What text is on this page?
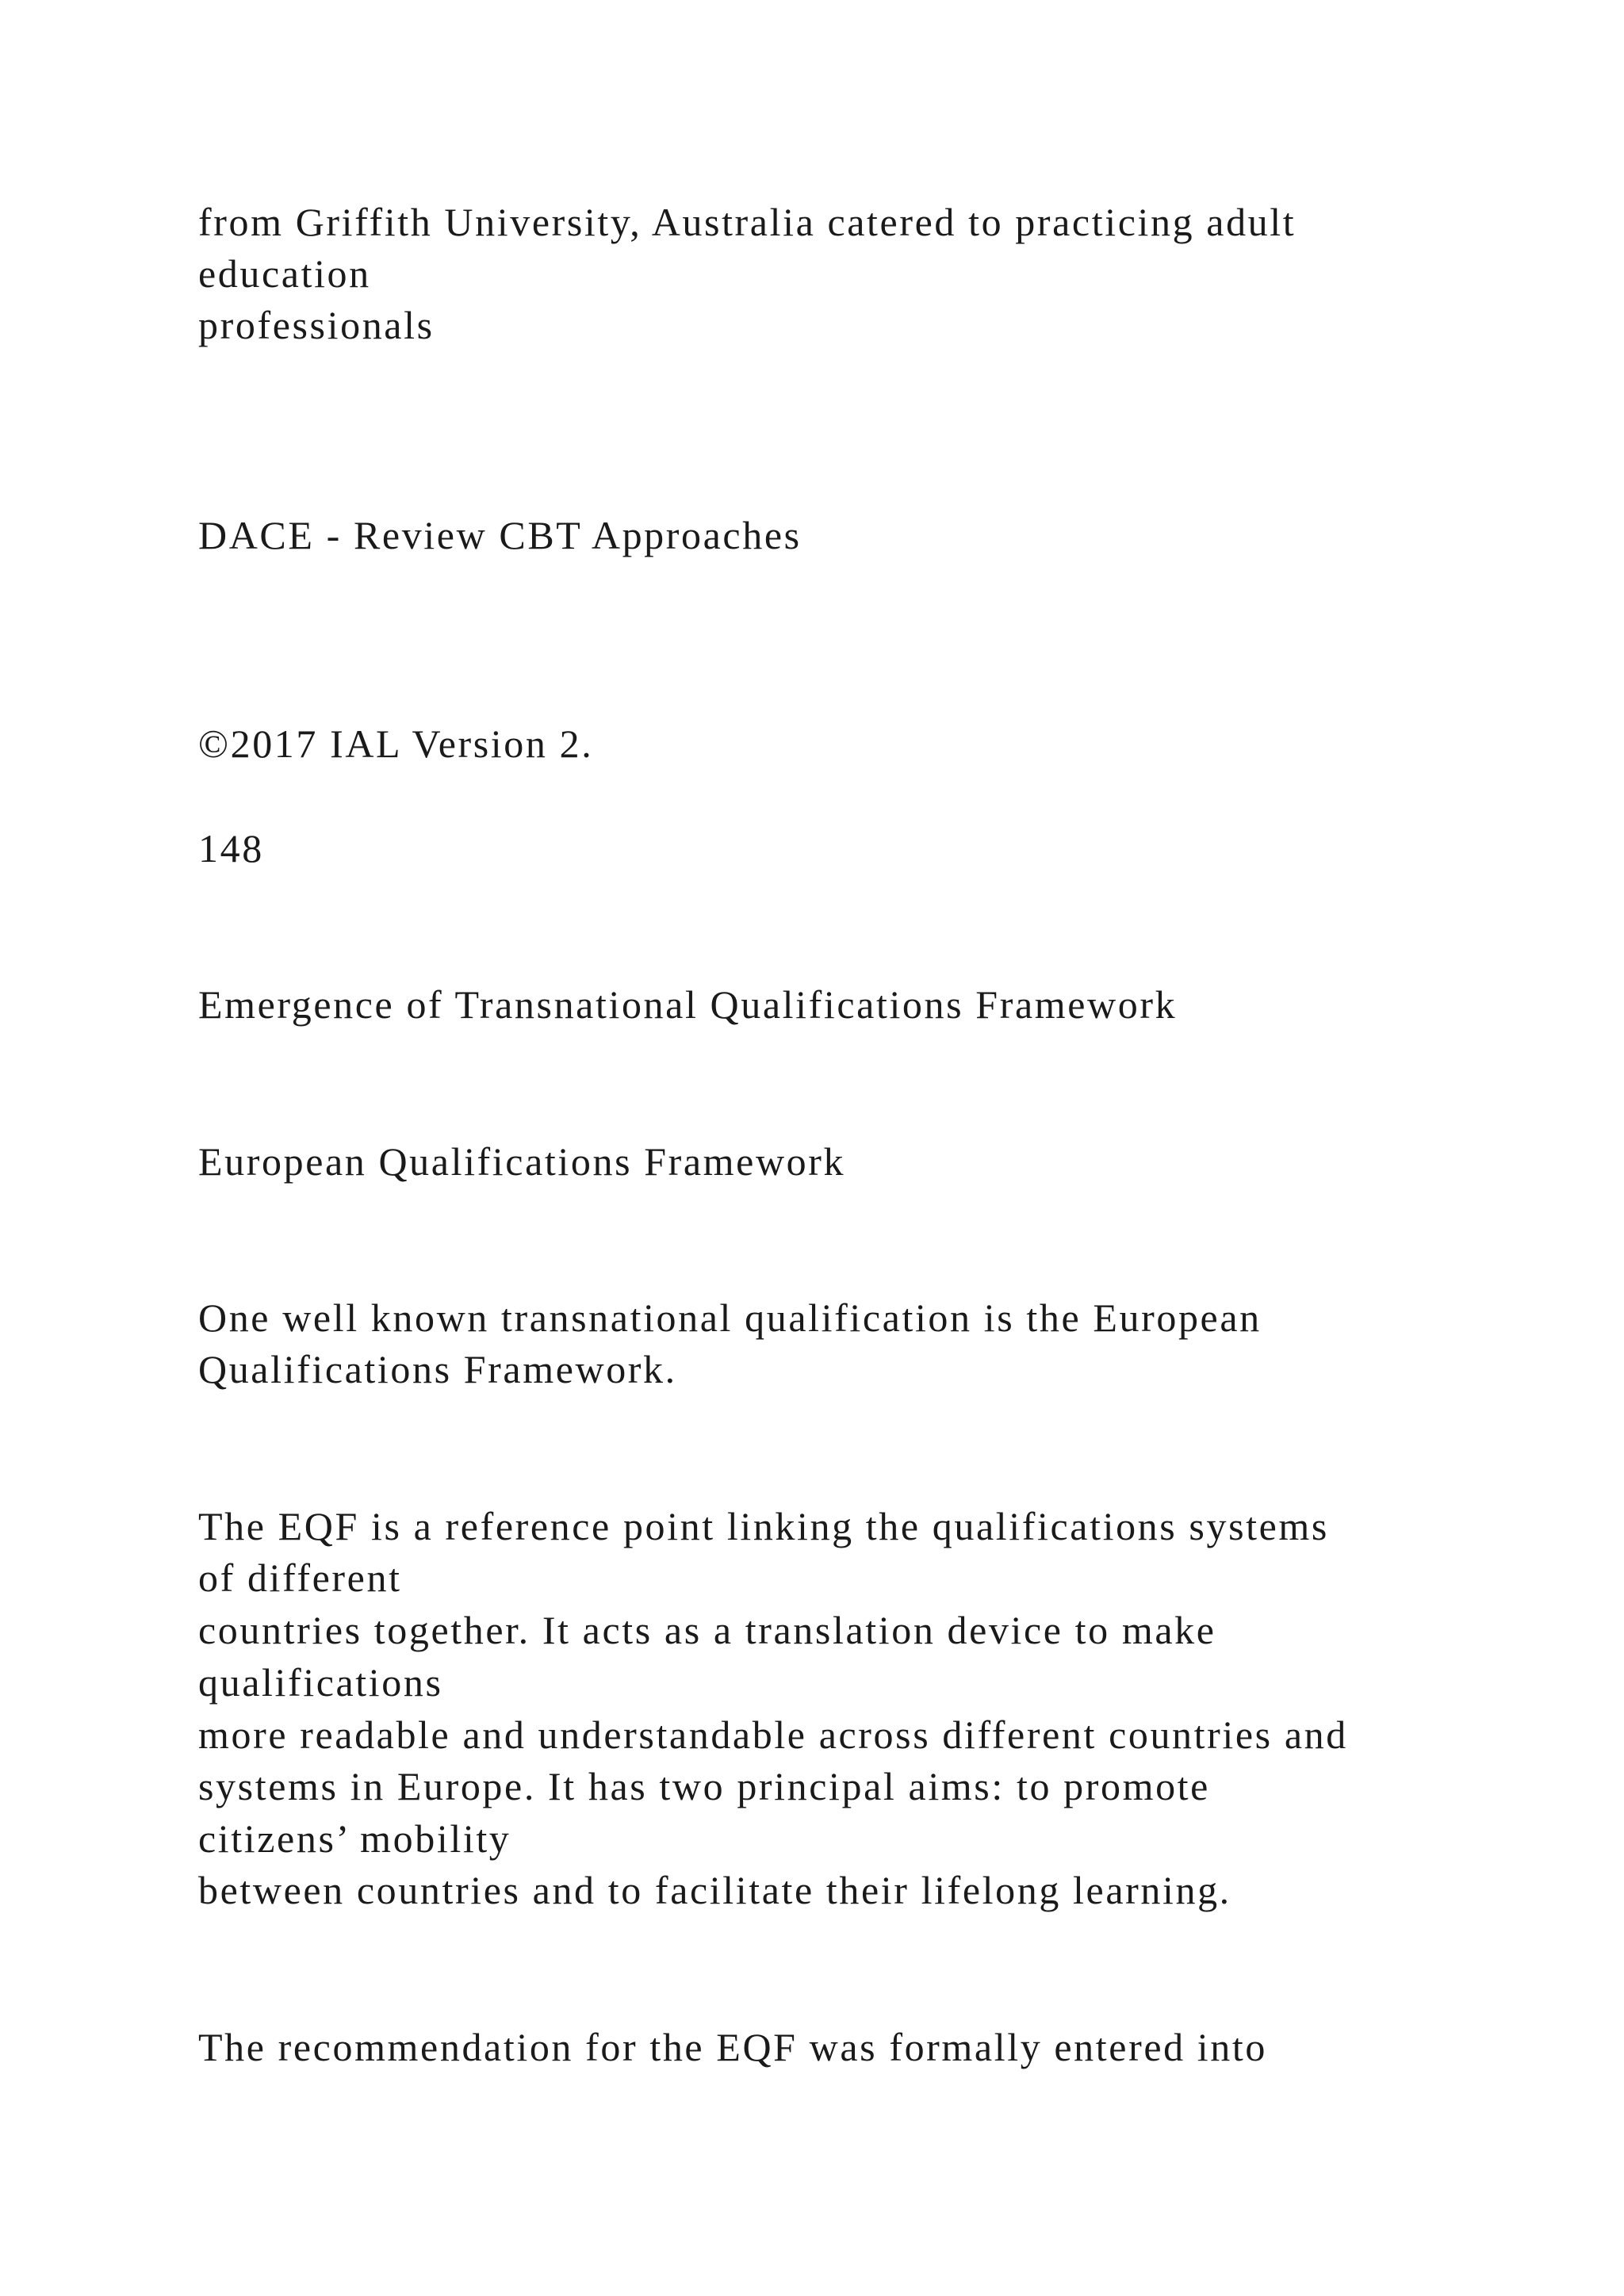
from Griffith University, Australia catered to practicing adult

education

professionals

DACE - Review CBT Approaches

©2017 IAL Version 2.

148

Emergence of Transnational Qualifications Framework

European Qualifications Framework

One well known transnational qualification is the European

Qualifications Framework.

The EQF is a reference point linking the qualifications systems

of different

countries together. It acts as a translation device to make

qualifications

more readable and understandable across different countries and

systems in Europe. It has two principal aims: to promote

citizens’ mobility

between countries and to facilitate their lifelong learning.

The recommendation for the EQF was formally entered into
